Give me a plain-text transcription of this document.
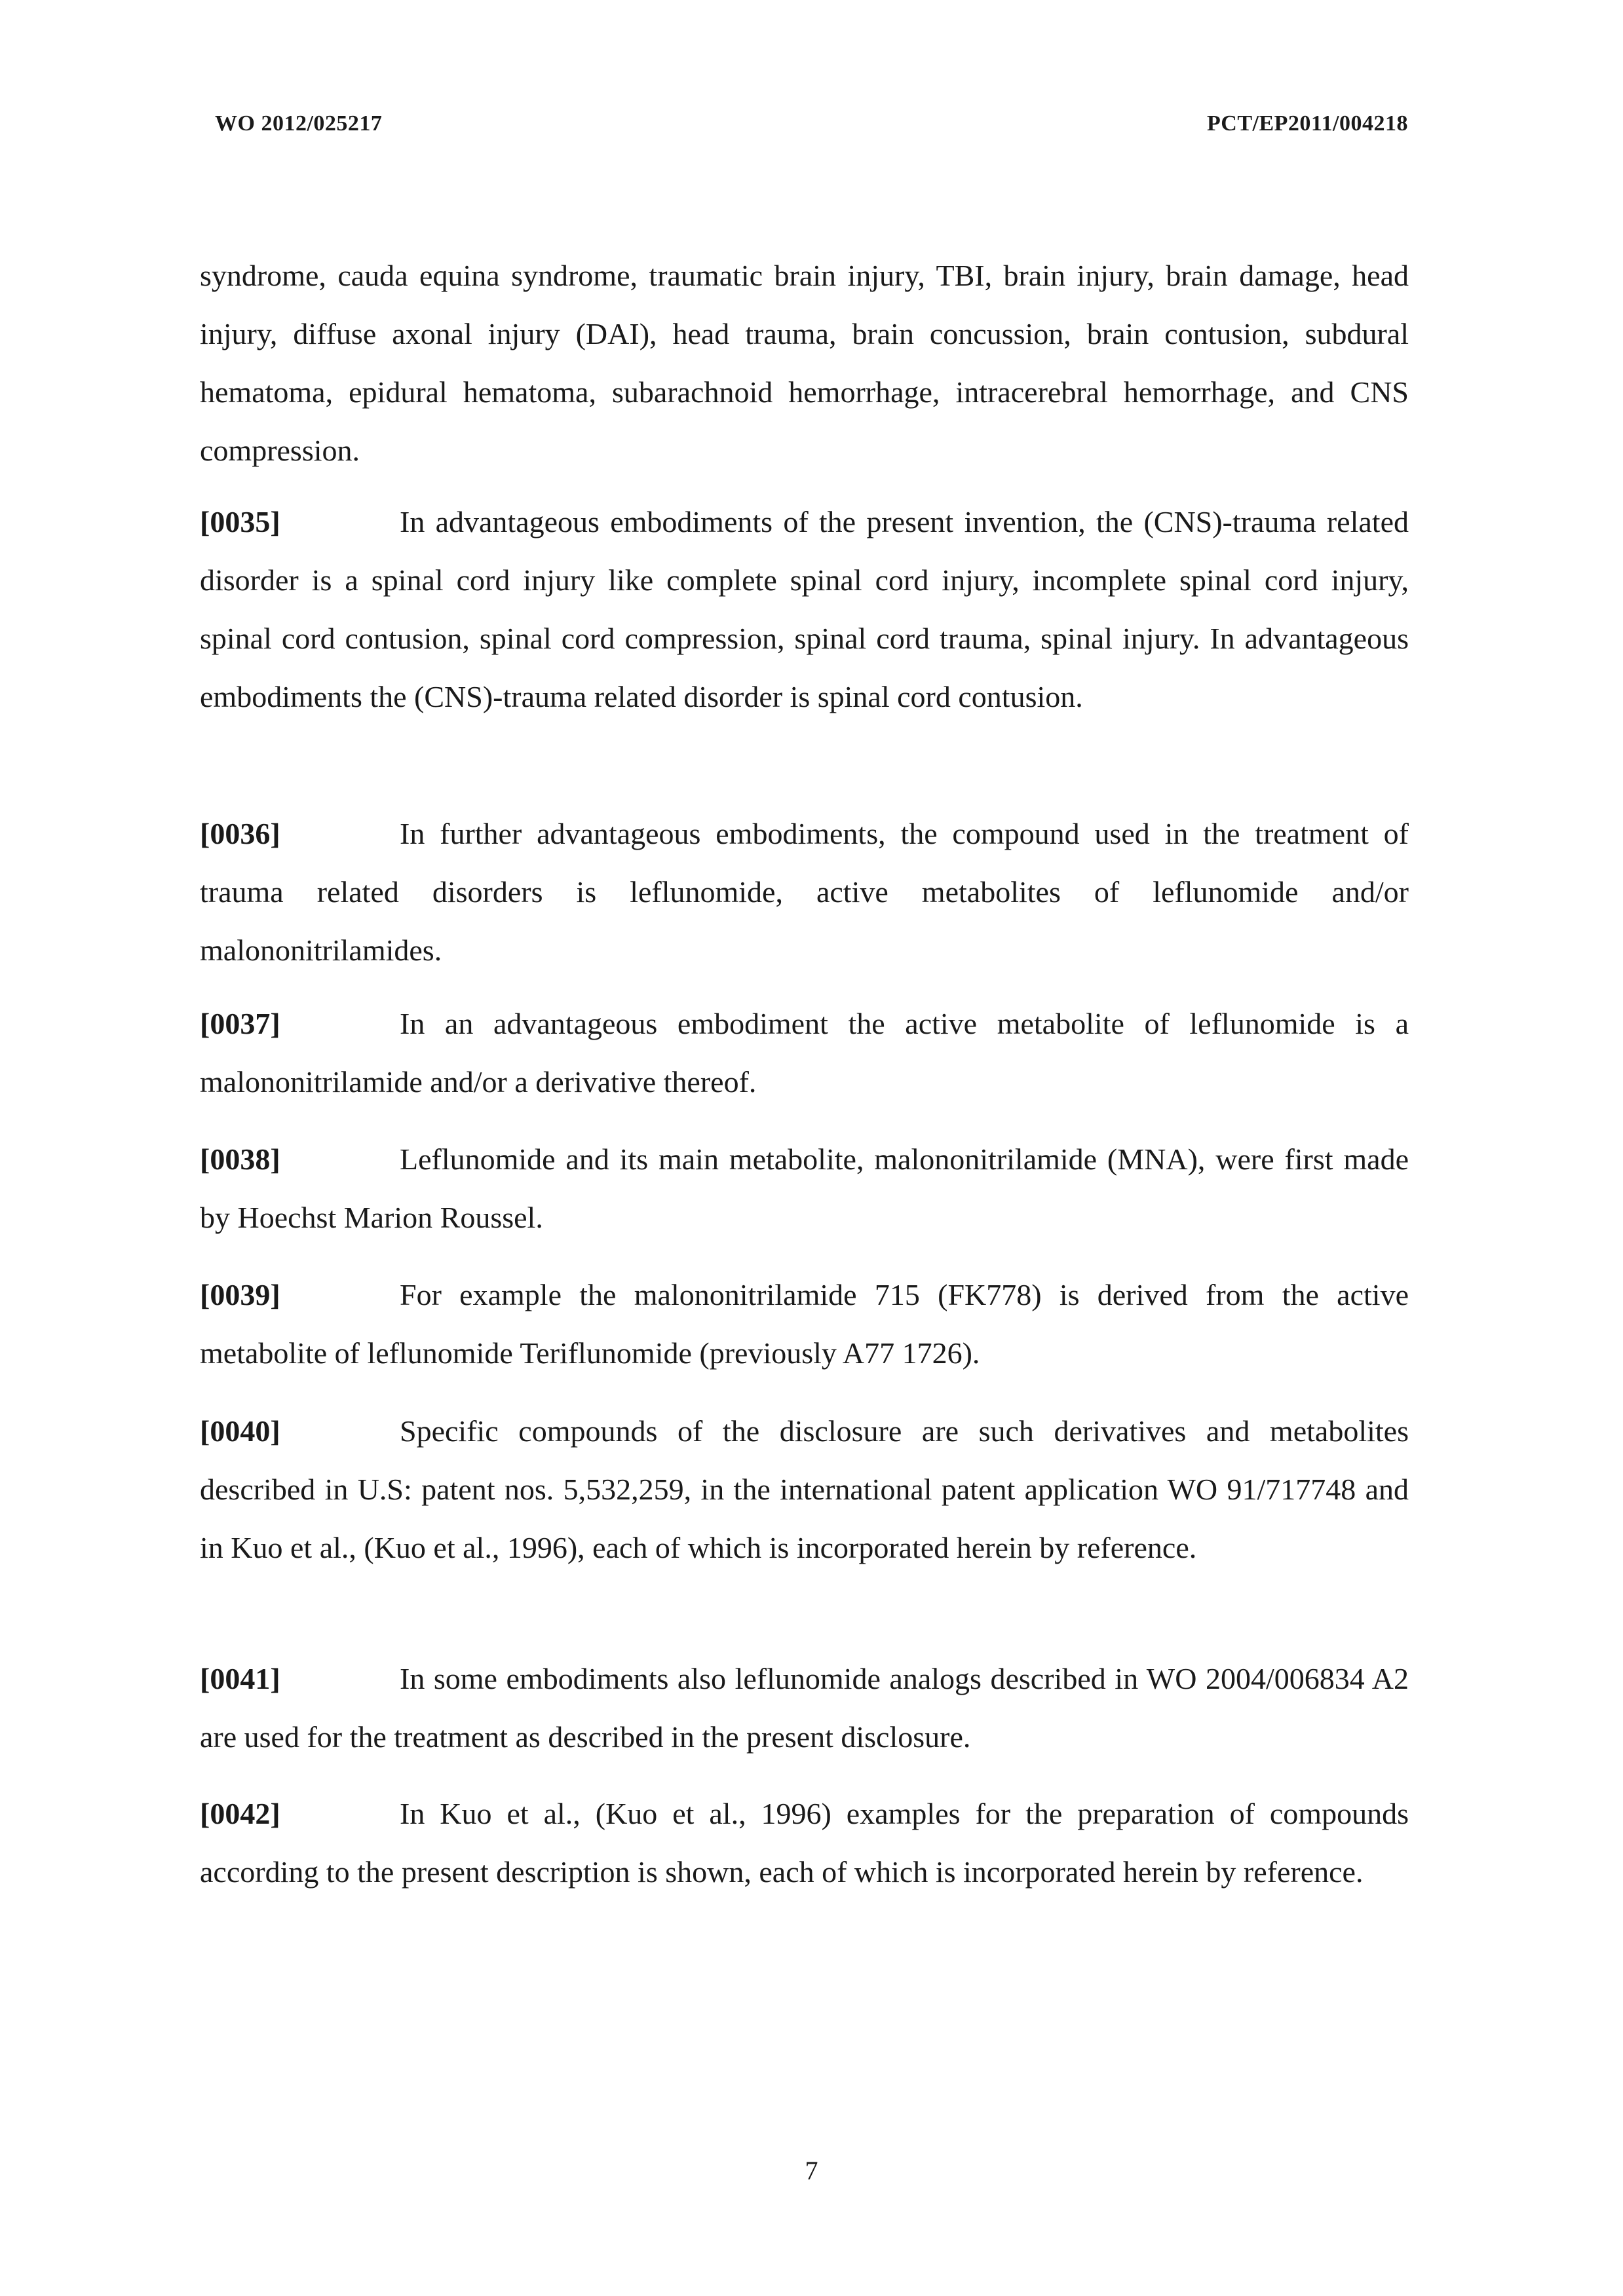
WO 2012/025217	PCT/EP2011/004218
syndrome, cauda equina syndrome, traumatic brain injury, TBI, brain injury, brain damage, head injury, diffuse axonal injury (DAI), head trauma, brain concussion, brain contusion, subdural hematoma, epidural hematoma, subarachnoid hemorrhage, intracerebral hemorrhage, and CNS compression.
[0035]	In advantageous embodiments of the present invention, the (CNS)-trauma related disorder is a spinal cord injury like complete spinal cord injury, incomplete spinal cord injury, spinal cord contusion, spinal cord compression, spinal cord trauma, spinal injury. In advantageous embodiments the (CNS)-trauma related disorder is spinal cord contusion.
[0036]	In further advantageous embodiments, the compound used in the treatment of trauma related disorders is leflunomide, active metabolites of leflunomide and/or malononitrilamides.
[0037]	In an advantageous embodiment the active metabolite of leflunomide is a malononitrilamide and/or a derivative thereof.
[0038]	Leflunomide and its main metabolite, malononitrilamide (MNA), were first made by Hoechst Marion Roussel.
[0039]	For example the malononitrilamide 715 (FK778) is derived from the active metabolite of leflunomide Teriflunomide (previously A77 1726).
[0040]	Specific compounds of the disclosure are such derivatives and metabolites described in U.S: patent nos. 5,532,259, in the international patent application WO 91/717748 and in Kuo et al., (Kuo et al., 1996), each of which is incorporated herein by reference.
[0041]	In some embodiments also leflunomide analogs described in WO 2004/006834 A2 are used for the treatment as described in the present disclosure.
[0042]	In Kuo et al., (Kuo et al., 1996) examples for the preparation of compounds according to the present description is shown, each of which is incorporated herein by reference.
7
